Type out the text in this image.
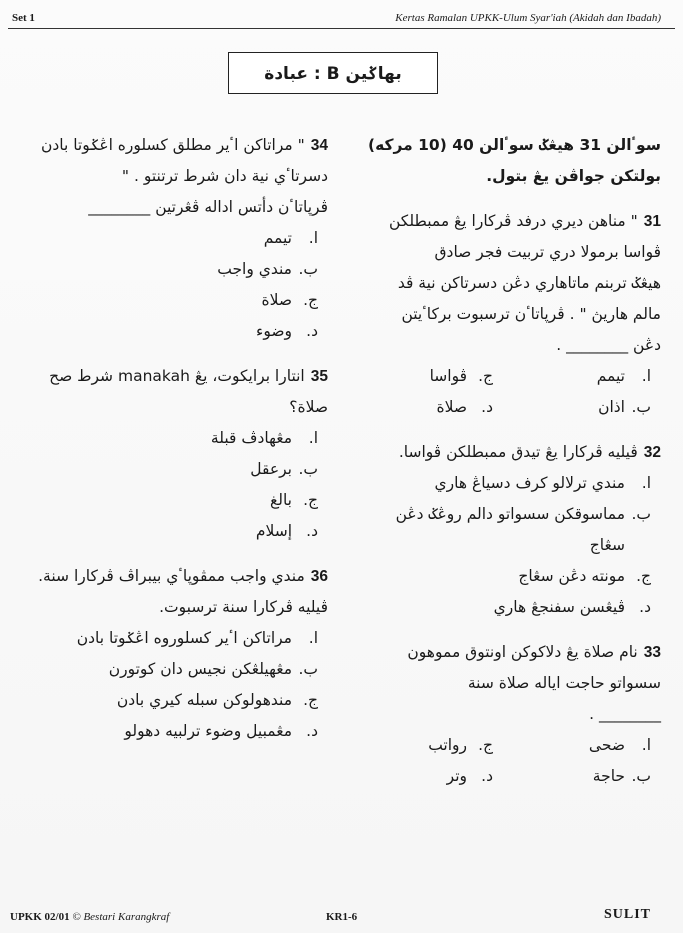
Set 1	Kertas Ramalan UPKK-Ulum Syar'iah (Akidah dan Ibadah)
بهاݢين B : عبادة
سوٴالن 31 هيڠݢ سوٴالن 40 (10 مركه)
بولتكن جواڤن يڠ بتول.
31" مناهن ديري درفد ڤركارا يڠ ممبطلكن
ڤواسا برمولا دري تربيت فجر صادق
هيڠݢ تربنم ماتاهاري دڠن دسرتاكن نية ڤد
مالم هاريڽ " . ڤرڽاتاٴن ترسبوت برکاٴيتن
دڠن ________ .
ا.تيمم
ج.ڤواسا
ب.اذان
د.صلاة
32ڤيليه ڤركارا يڠ تيدق ممبطلكن ڤواسا.
ا.مندي ترلالو كرف دسياڠ هاري
ب.مماسوقكن سسواتو دالم روڠݢ دڠن
سڠاج
ج.مونته دڠن سڠاج
د.ڤيڠسن سفنجڠ هاري
33نام صلاة يڠ دلاكوكن اونتوق مموهون
سسواتو حاجت اياله صلاة سنة
________ .
ا.ضحى
ج.رواتب
ب.حاجة
د.وتر
34" مراتاكن اٴير مطلق كسلوره اڠݢوتا بادن
دسرتاٴي نية دان شرط ترتنتو . "
ڤرڽاتاٴن دأتس اداله ڤڠرتين ________
ا.تيمم
ب.مندي واجب
ج.صلاة
د.وضوء
35انتارا برايكوت، يڠ manakah شرط صح
صلاة؟
ا.مڠهادڤ قبلة
ب.برعقل
ج.بالغ
د.إسلام
36مندي واجب ممڤوڽاٴي بيبراڤ ڤركارا سنة.
ڤيليه ڤركارا سنة ترسبوت.
ا.مراتاكن اٴير كسلوروه اڠݢوتا بادن
ب.مڠهيلڠكن نجيس دان كوتورن
ج.مندهولوكن سبله كيري بادن
د.مڠمبيل وضوء ترلبيه دهولو
UPKK 02/01 © Bestari Karangkraf	KR1-6	SULIT
